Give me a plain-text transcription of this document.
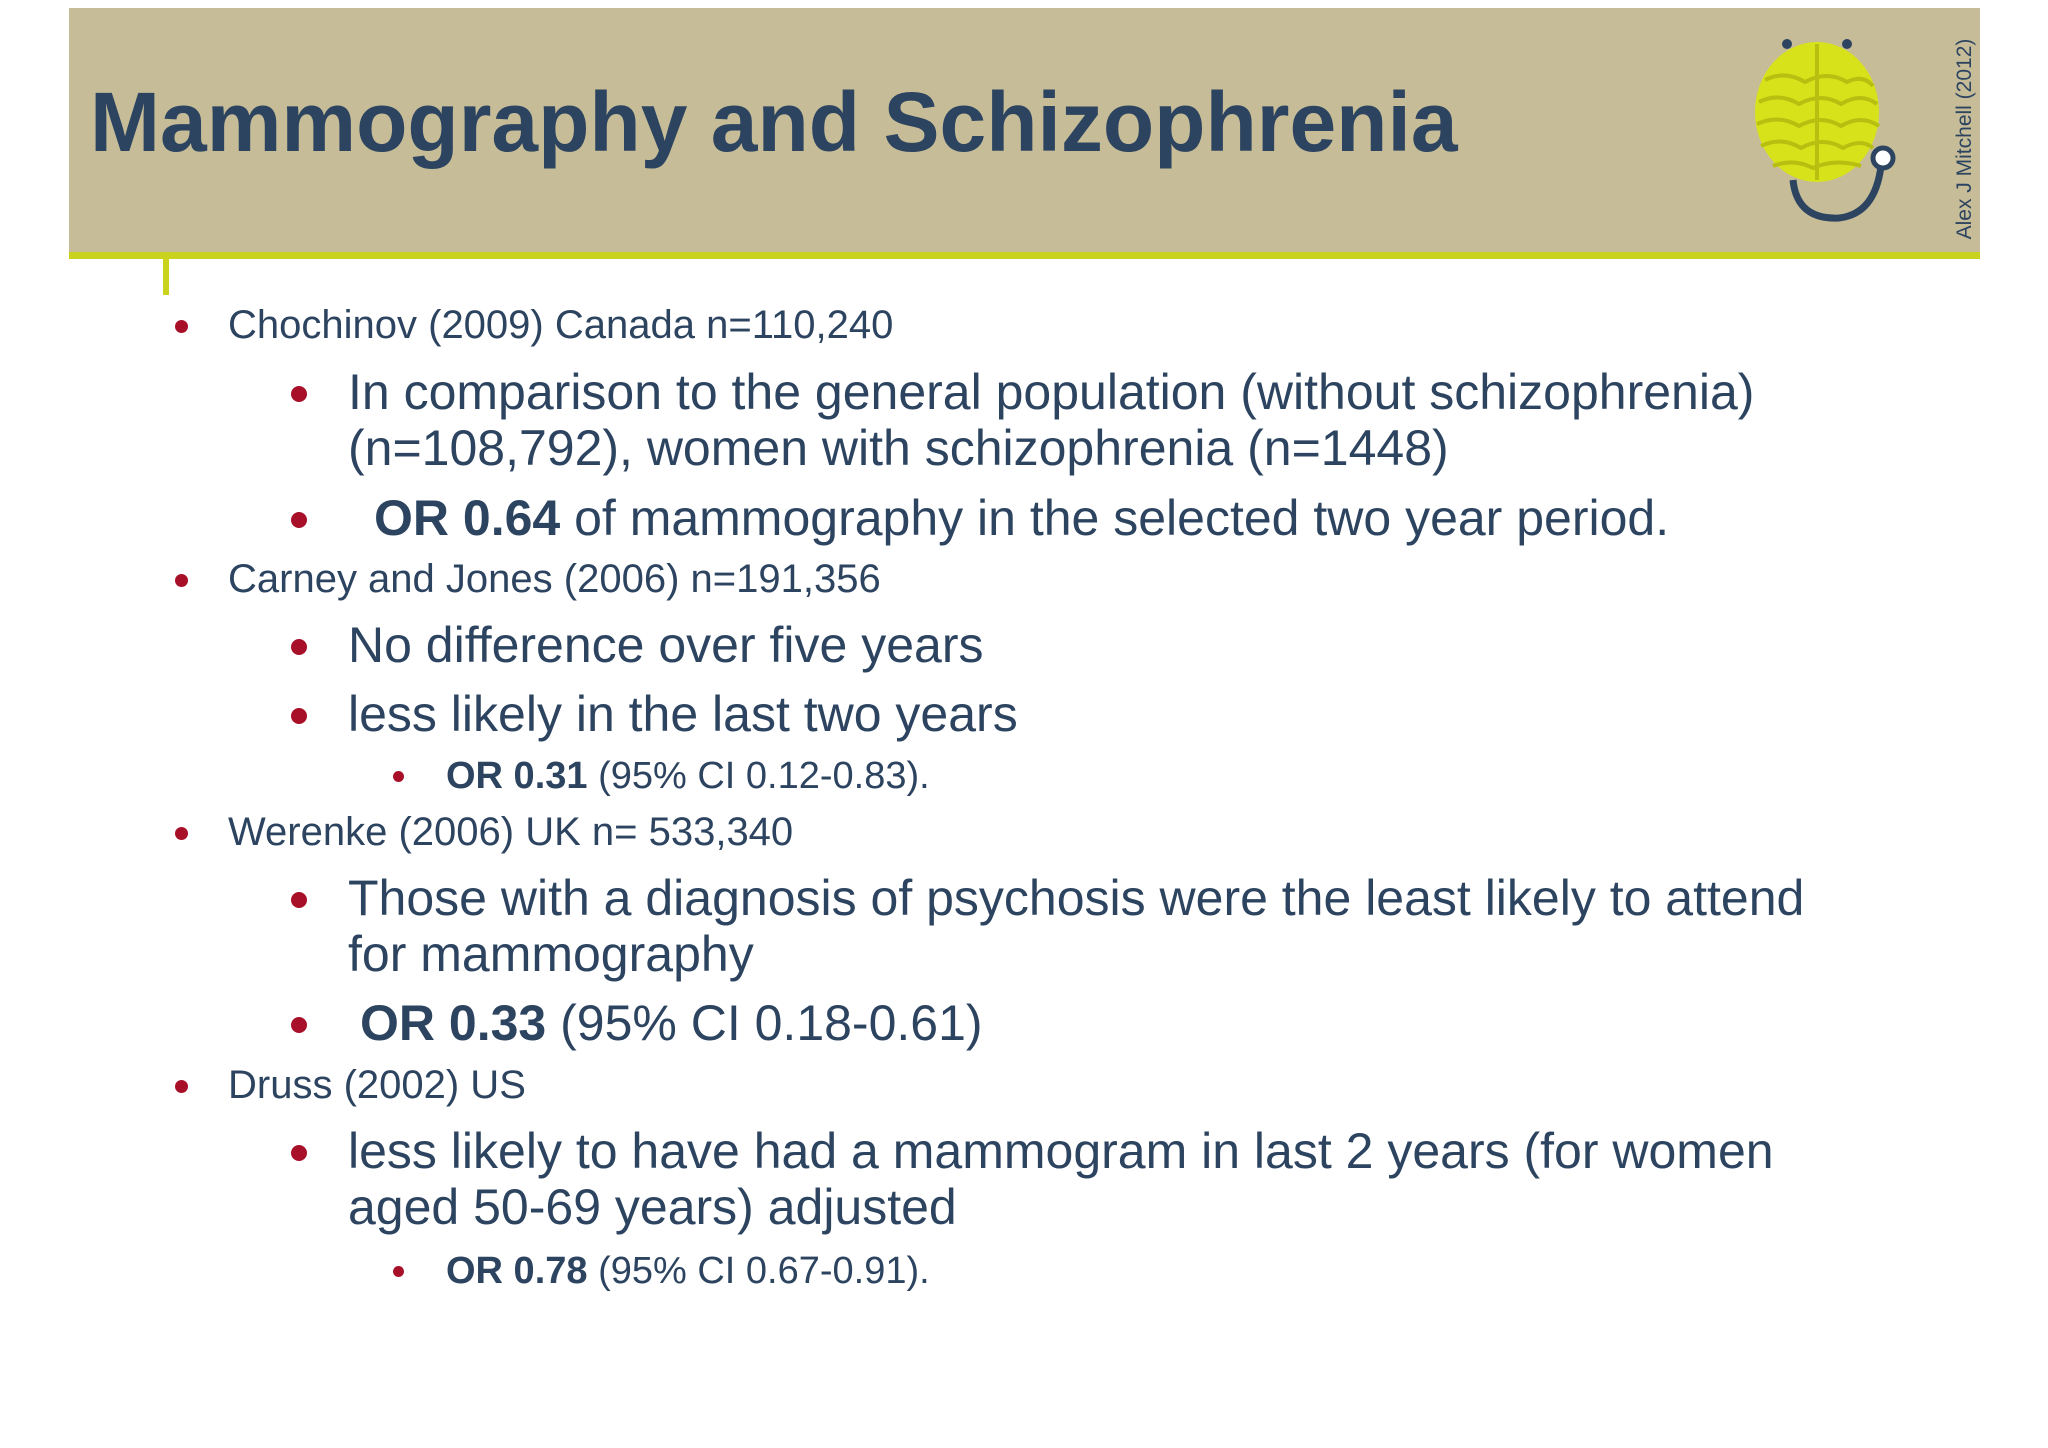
Mammography and Schizophrenia	Alex J Mitchell (2012)
Chochinov (2009) Canada n=110,240
In comparison to the general population (without schizophrenia)
(n=108,792), women with schizophrenia (n=1448)
OR 0.64 of mammography in the selected two year period.
Carney and Jones (2006) n=191,356
No difference over five years
less likely in the last two years
OR 0.31 (95% CI 0.12-0.83).
Werenke (2006) UK n= 533,340
Those with a diagnosis of psychosis were the least likely to attend
for mammography
OR 0.33 (95% CI 0.18-0.61)
Druss (2002) US
less likely to have had a mammogram in last 2 years (for women
aged 50-69 years) adjusted
OR 0.78 (95% CI 0.67-0.91).
